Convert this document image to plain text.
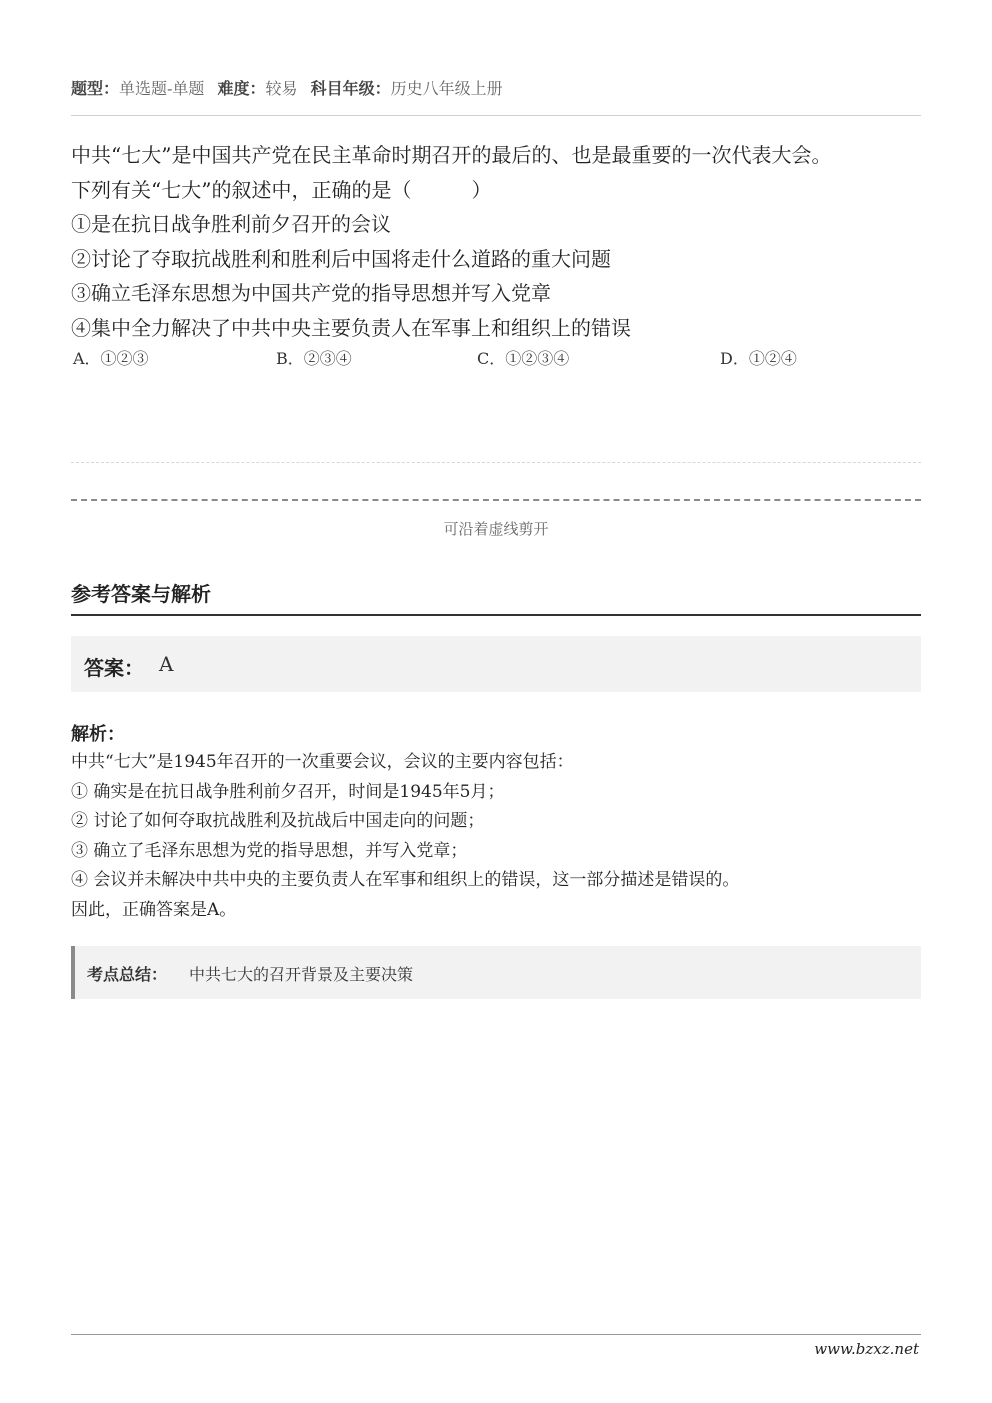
题型：单选题-单题 难度：较易 科目年级：历史八年级上册

中共“七大”是中国共产党在民主革命时期召开的最后的、也是最重要的一次代表大会。

下列有关“七大”的叙述中，正确的是（　　　）

①是在抗日战争胜利前夕召开的会议

②讨论了夺取抗战胜利和胜利后中国将走什么道路的重大问题

③确立毛泽东思想为中国共产党的指导思想并写入党章

④集中全力解决了中共中央主要负责人在军事上和组织上的错误

A．①②③	B．②③④	C．①②③④	D．①②④
可沿着虚线剪开
参考答案与解析
答案： A
解析：

中共“七大”是1945年召开的一次重要会议，会议的主要内容包括：

① 确实是在抗日战争胜利前夕召开，时间是1945年5月；

② 讨论了如何夺取抗战胜利及抗战后中国走向的问题；

③ 确立了毛泽东思想为党的指导思想，并写入党章；

④ 会议并未解决中共中央的主要负责人在军事和组织上的错误，这一部分描述是错误的。

因此，正确答案是A。

考点总结： 中共七大的召开背景及主要决策
www.bzxz.net
